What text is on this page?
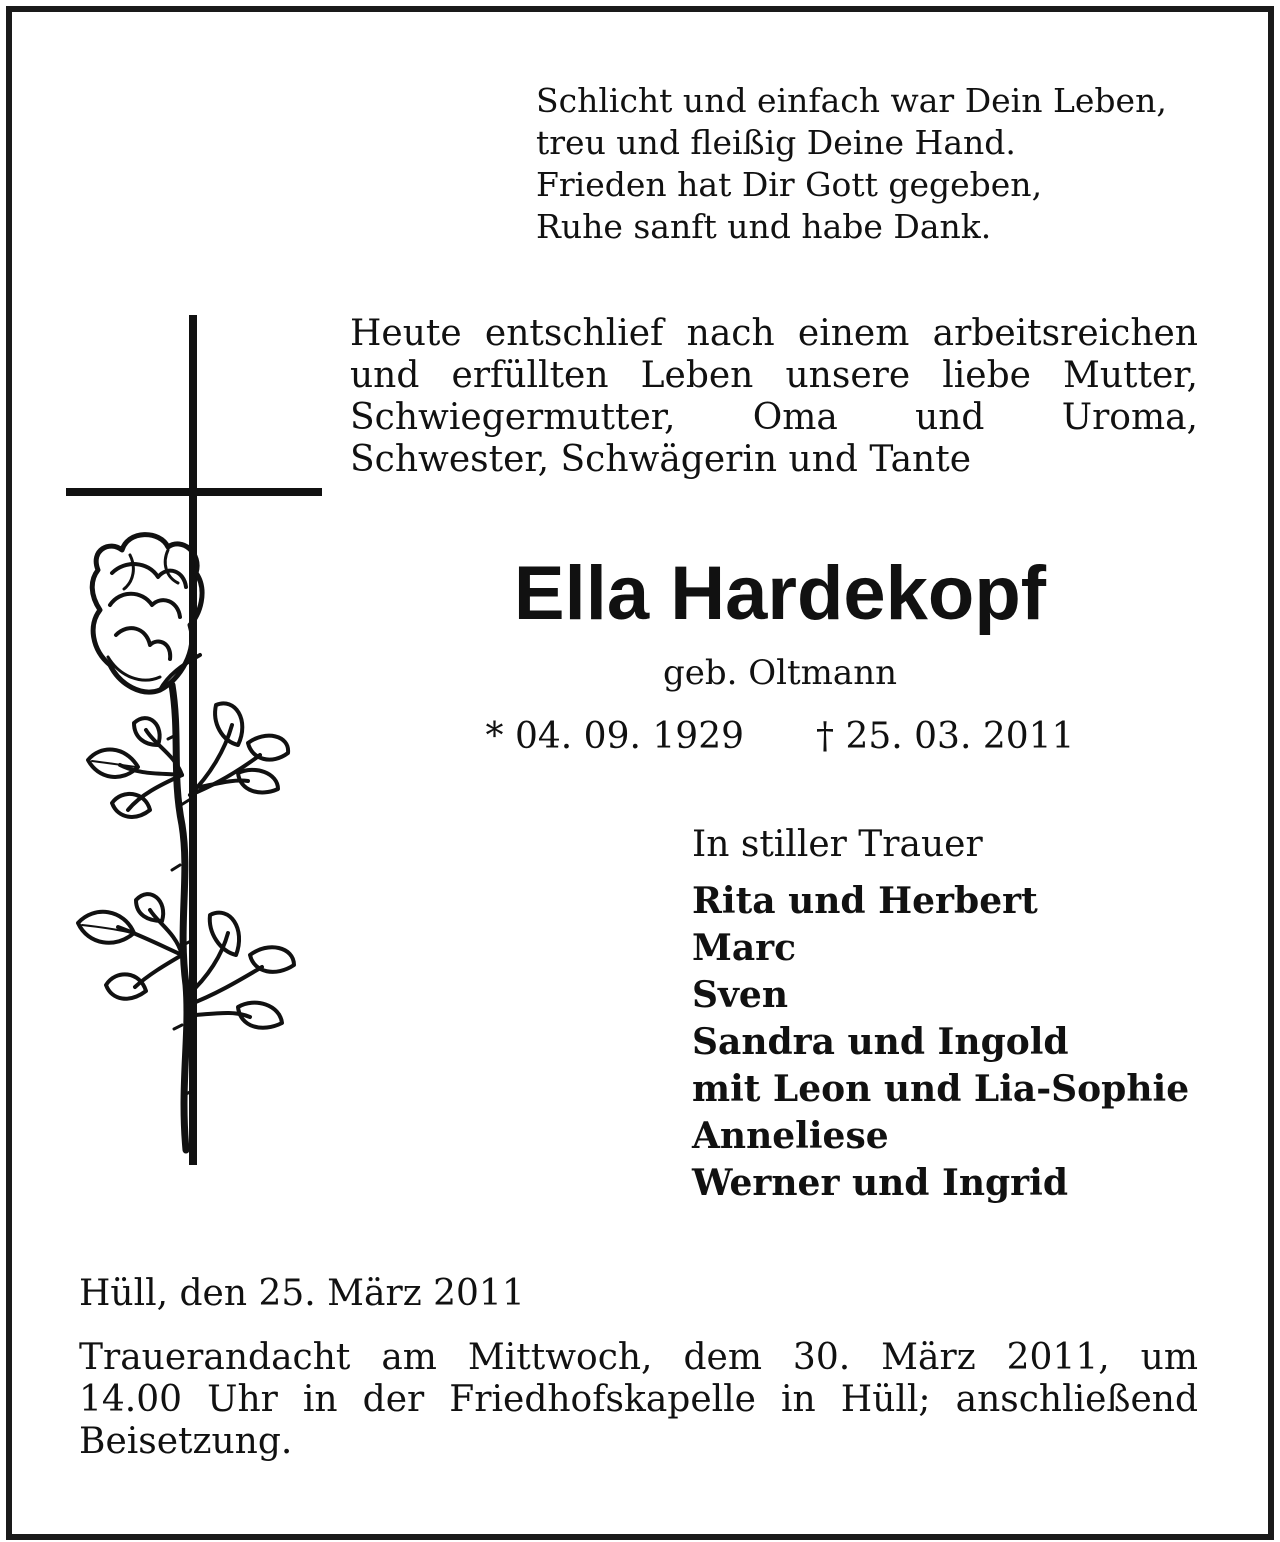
Schlicht und einfach war Dein Leben,
treu und fleißig Deine Hand.
Frieden hat Dir Gott gegeben,
Ruhe sanft und habe Dank.
Heute entschlief nach einem arbeitsreichen
und erfüllten Leben unsere liebe Mutter,
Schwiegermutter, Oma und Uroma,
Schwester, Schwägerin und Tante
Ella Hardekopf
geb. Oltmann
* 04. 09. 1929 † 25. 03. 2011
In stiller Trauer
Rita und Herbert
Marc
Sven
Sandra und Ingold
mit Leon und Lia-Sophie
Anneliese
Werner und Ingrid
Hüll, den 25. März 2011
Trauerandacht am Mittwoch, dem 30. März 2011, um
14.00 Uhr in der Friedhofskapelle in Hüll; anschließend
Beisetzung.
